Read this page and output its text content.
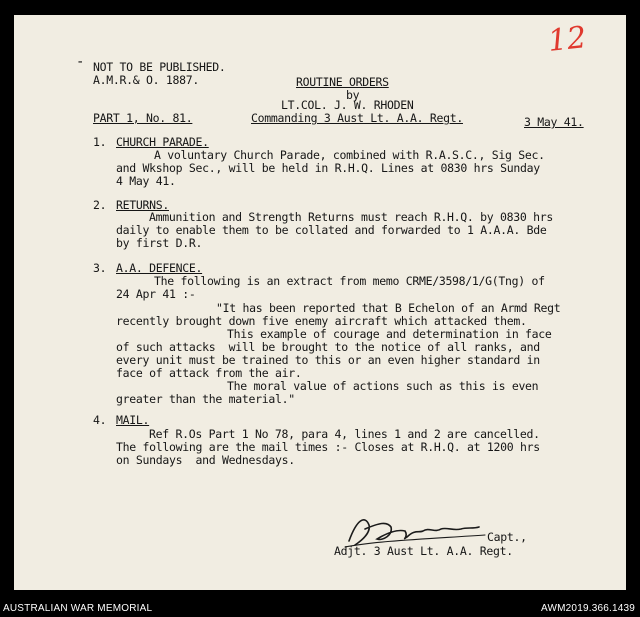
12
- NOT TO BE PUBLISHED.
A.M.R.& O. 1887.	ROUTINE ORDERS
by
LT.COL. J. W. RHODEN
PART 1, No. 81.	Commanding 3 Aust Lt. A.A. Regt.	3 May 41.
1. CHURCH PARADE.
A voluntary Church Parade, combined with R.A.S.C., Sig Sec.
and Wkshop Sec., will be held in R.H.Q. Lines at 0830 hrs Sunday
4 May 41.
2. RETURNS.
Ammunition and Strength Returns must reach R.H.Q. by 0830 hrs
daily to enable them to be collated and forwarded to 1 A.A.A. Bde
by first D.R.
3. A.A. DEFENCE.
The following is an extract from memo CRME/3598/1/G(Tng) of
24 Apr 41 :-
"It has been reported that B Echelon of an Armd Regt
recently brought down five enemy aircraft which attacked them.
This example of courage and determination in face
of such attacks  will be brought to the notice of all ranks, and
every unit must be trained to this or an even higher standard in
face of attack from the air.
The moral value of actions such as this is even
greater than the material."
4. MAIL.
Ref R.Os Part 1 No 78, para 4, lines 1 and 2 are cancelled.
The following are the mail times :- Closes at R.H.Q. at 1200 hrs
on Sundays  and Wednesdays.
Capt.,
Adjt. 3 Aust Lt. A.A. Regt.
AUSTRALIAN WAR MEMORIAL	AWM2019.366.1439
